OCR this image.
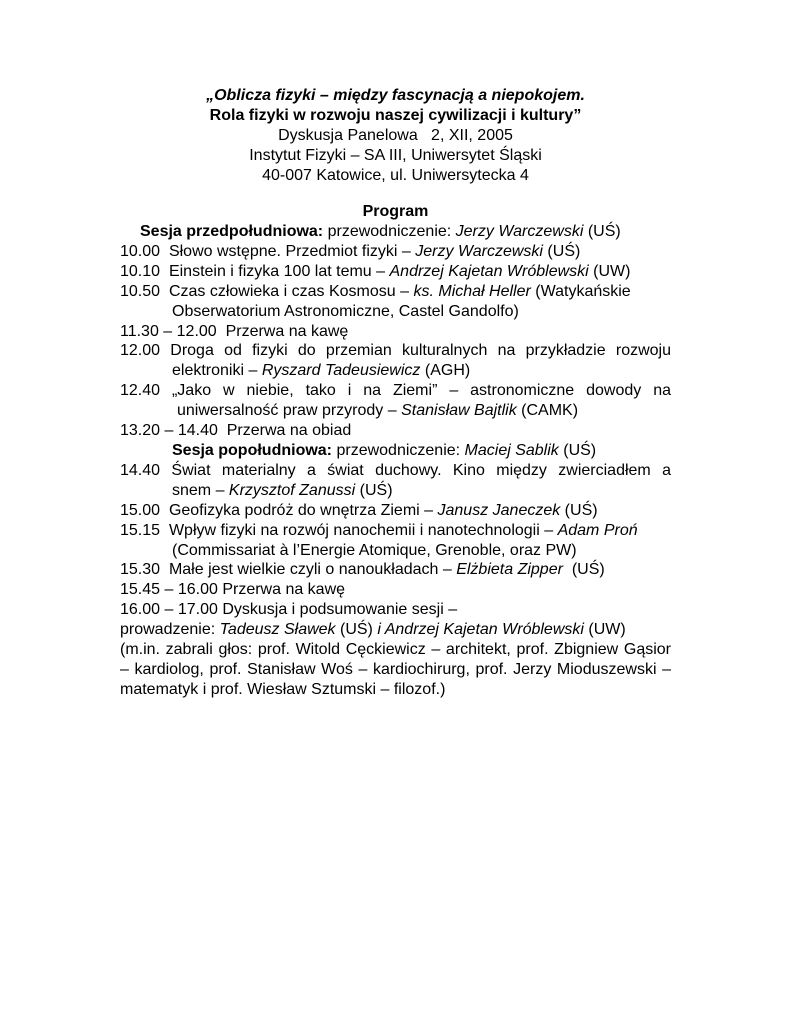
„Oblicza fizyki – między fascynacją a niepokojem.
Rola fizyki w rozwoju naszej cywilizacji i kultury”
Dyskusja Panelowa   2, XII, 2005
Instytut Fizyki – SA III, Uniwersytet Śląski
40-007 Katowice, ul. Uniwersytecka 4
Program
Sesja przedpołudniowa: przewodniczenie: Jerzy Warczewski (UŚ)
10.00  Słowo wstępne. Przedmiot fizyki – Jerzy Warczewski (UŚ)
10.10  Einstein i fizyka 100 lat temu – Andrzej Kajetan Wróblewski (UW)
10.50  Czas człowieka i czas Kosmosu – ks. Michał Heller (Watykańskie
Obserwatorium Astronomiczne, Castel Gandolfo)
11.30 – 12.00  Przerwa na kawę
12.00 Droga od fizyki do przemian kulturalnych na przykładzie rozwoju
elektroniki – Ryszard Tadeusiewicz (AGH)
12.40 „Jako w niebie, tako i na Ziemi” – astronomiczne dowody na
uniwersalność praw przyrody – Stanisław Bajtlik (CAMK)
13.20 – 14.40  Przerwa na obiad
Sesja popołudniowa: przewodniczenie: Maciej Sablik (UŚ)
14.40 Świat materialny a świat duchowy. Kino między zwierciadłem a
snem – Krzysztof Zanussi (UŚ)
15.00  Geofizyka podróż do wnętrza Ziemi – Janusz Janeczek (UŚ)
15.15  Wpływ fizyki na rozwój nanochemii i nanotechnologii – Adam Proń
(Commissariat à l’Energie Atomique, Grenoble, oraz PW)
15.30  Małe jest wielkie czyli o nanoukładach – Elżbieta Zipper  (UŚ)
15.45 – 16.00 Przerwa na kawę
16.00 – 17.00 Dyskusja i podsumowanie sesji –
prowadzenie: Tadeusz Sławek (UŚ) i Andrzej Kajetan Wróblewski (UW)
(m.in. zabrali głos: prof. Witold Cęckiewicz – architekt, prof. Zbigniew Gąsior – kardiolog, prof. Stanisław Woś – kardiochirurg, prof. Jerzy Mioduszewski – matematyk i prof. Wiesław Sztumski – filozof.)
